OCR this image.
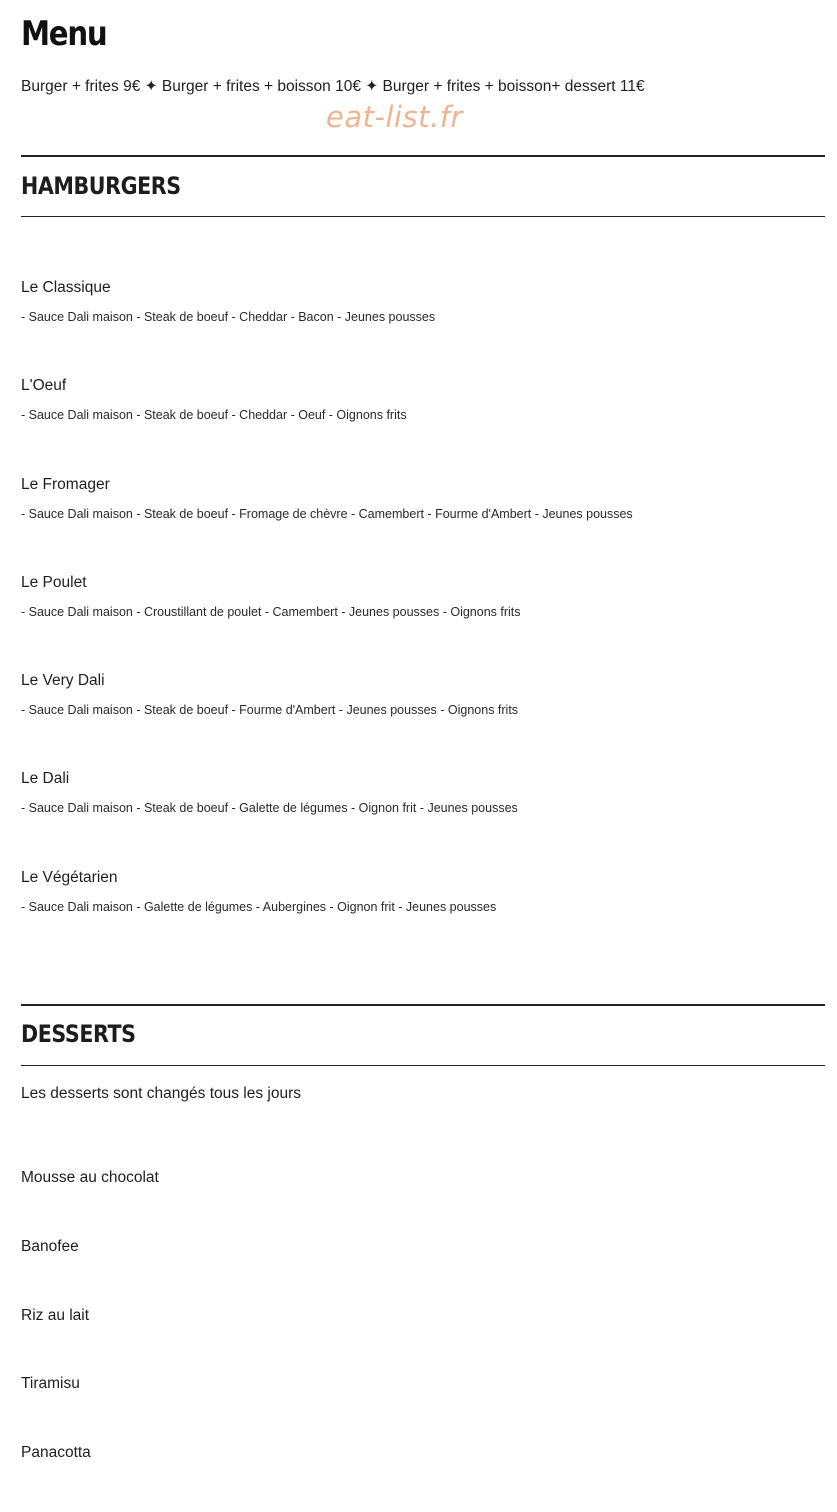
Menu

Burger + frites 9€ ✦ Burger + frites + boisson 10€ ✦ Burger + frites + boisson+ dessert 11€

eat-list.fr
HAMBURGERS
Le Classique
- Sauce Dali maison - Steak de boeuf - Cheddar - Bacon - Jeunes pousses
L'Oeuf
- Sauce Dali maison - Steak de boeuf - Cheddar - Oeuf - Oignons frits
Le Fromager
- Sauce Dali maison - Steak de boeuf - Fromage de chèvre - Camembert - Fourme d'Ambert - Jeunes pousses
Le Poulet
- Sauce Dali maison - Croustillant de poulet - Camembert - Jeunes pousses - Oignons frits
Le Very Dali
- Sauce Dali maison - Steak de boeuf - Fourme d'Ambert - Jeunes pousses - Oignons frits
Le Dali
- Sauce Dali maison - Steak de boeuf - Galette de légumes - Oignon frit - Jeunes pousses
Le Végétarien
- Sauce Dali maison - Galette de légumes - Aubergines - Oignon frit - Jeunes pousses
DESSERTS

Les desserts sont changés tous les jours

Mousse au chocolat
Banofee
Riz au lait
Tiramisu
Panacotta
